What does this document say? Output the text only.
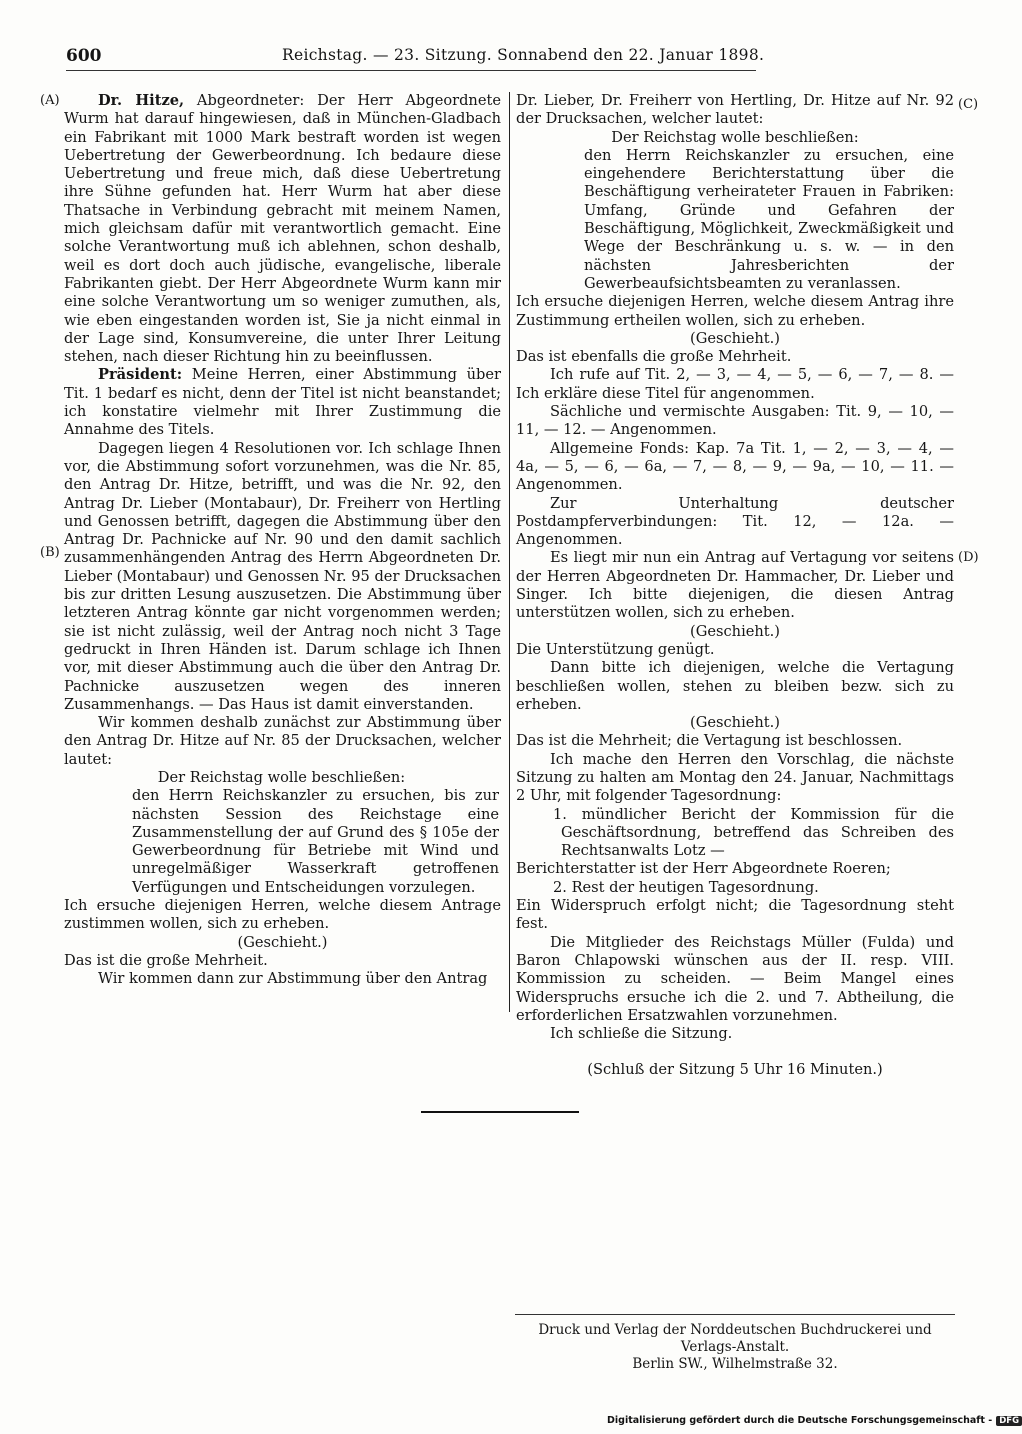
600	Reichstag. — 23. Sitzung. Sonnabend den 22. Januar 1898.
(A)
(B)
(C)
(D)

Dr. Hitze, Abgeordneter: Der Herr Abgeordnete Wurm hat darauf hingewiesen, daß in München-Gladbach ein Fabrikant mit 1000 Mark bestraft worden ist wegen Uebertretung der Gewerbeordnung. Ich bedaure diese Uebertretung und freue mich, daß diese Uebertretung ihre Sühne gefunden hat. Herr Wurm hat aber diese Thatsache in Verbindung gebracht mit meinem Namen, mich gleichsam dafür mit verantwortlich gemacht. Eine solche Verantwortung muß ich ablehnen, schon deshalb, weil es dort doch auch jüdische, evangelische, liberale Fabrikanten giebt. Der Herr Abgeordnete Wurm kann mir eine solche Verantwortung um so weniger zumuthen, als, wie eben eingestanden worden ist, Sie ja nicht einmal in der Lage sind, Konsumvereine, die unter Ihrer Leitung stehen, nach dieser Richtung hin zu beeinflussen.

Präsident: Meine Herren, einer Abstimmung über Tit. 1 bedarf es nicht, denn der Titel ist nicht beanstandet; ich konstatire vielmehr mit Ihrer Zustimmung die Annahme des Titels.

Dagegen liegen 4 Resolutionen vor. Ich schlage Ihnen vor, die Abstimmung sofort vorzunehmen, was die Nr. 85, den Antrag Dr. Hitze, betrifft, und was die Nr. 92, den Antrag Dr. Lieber (Montabaur), Dr. Freiherr von Hertling und Genossen betrifft, dagegen die Abstimmung über den Antrag Dr. Pachnicke auf Nr. 90 und den damit sachlich zusammenhängenden Antrag des Herrn Abgeordneten Dr. Lieber (Montabaur) und Genossen Nr. 95 der Drucksachen bis zur dritten Lesung auszusetzen. Die Abstimmung über letzteren Antrag könnte gar nicht vorgenommen werden; sie ist nicht zulässig, weil der Antrag noch nicht 3 Tage gedruckt in Ihren Händen ist. Darum schlage ich Ihnen vor, mit dieser Abstimmung auch die über den Antrag Dr. Pachnicke auszusetzen wegen des inneren Zusammenhangs. — Das Haus ist damit einverstanden.

Wir kommen deshalb zunächst zur Abstimmung über den Antrag Dr. Hitze auf Nr. 85 der Drucksachen, welcher lautet:

Der Reichstag wolle beschließen:

den Herrn Reichskanzler zu ersuchen, bis zur nächsten Session des Reichstage eine Zusammenstellung der auf Grund des § 105e der Gewerbeordnung für Betriebe mit Wind und unregelmäßiger Wasserkraft getroffenen Verfügungen und Entscheidungen vorzulegen.

Ich ersuche diejenigen Herren, welche diesem Antrage zustimmen wollen, sich zu erheben.

(Geschieht.)

Das ist die große Mehrheit.

Wir kommen dann zur Abstimmung über den Antrag

Dr. Lieber, Dr. Freiherr von Hertling, Dr. Hitze auf Nr. 92 der Drucksachen, welcher lautet:

Der Reichstag wolle beschließen:

den Herrn Reichskanzler zu ersuchen, eine eingehendere Berichterstattung über die Beschäftigung verheirateter Frauen in Fabriken: Umfang, Gründe und Gefahren der Beschäftigung, Möglichkeit, Zweckmäßigkeit und Wege der Beschränkung u. s. w. — in den nächsten Jahresberichten der Gewerbeaufsichtsbeamten zu veranlassen.

Ich ersuche diejenigen Herren, welche diesem Antrag ihre Zustimmung ertheilen wollen, sich zu erheben.

(Geschieht.)

Das ist ebenfalls die große Mehrheit.

Ich rufe auf Tit. 2, — 3, — 4, — 5, — 6, — 7, — 8. — Ich erkläre diese Titel für angenommen.

Sächliche und vermischte Ausgaben: Tit. 9, — 10, — 11, — 12. — Angenommen.

Allgemeine Fonds: Kap. 7a Tit. 1, — 2, — 3, — 4, — 4a, — 5, — 6, — 6a, — 7, — 8, — 9, — 9a, — 10, — 11. — Angenommen.

Zur Unterhaltung deutscher Postdampferverbindungen: Tit. 12, — 12a. — Angenommen.

Es liegt mir nun ein Antrag auf Vertagung vor seitens der Herren Abgeordneten Dr. Hammacher, Dr. Lieber und Singer. Ich bitte diejenigen, die diesen Antrag unterstützen wollen, sich zu erheben.

(Geschieht.)

Die Unterstützung genügt.

Dann bitte ich diejenigen, welche die Vertagung beschließen wollen, stehen zu bleiben bezw. sich zu erheben.

(Geschieht.)

Das ist die Mehrheit; die Vertagung ist beschlossen.

Ich mache den Herren den Vorschlag, die nächste Sitzung zu halten am Montag den 24. Januar, Nachmittags 2 Uhr, mit folgender Tagesordnung:

1. mündlicher Bericht der Kommission für die Geschäftsordnung, betreffend das Schreiben des Rechtsanwalts Lotz —

Berichterstatter ist der Herr Abgeordnete Roeren;

2. Rest der heutigen Tagesordnung.

Ein Widerspruch erfolgt nicht; die Tagesordnung steht fest.

Die Mitglieder des Reichstags Müller (Fulda) und Baron Chlapowski wünschen aus der II. resp. VIII. Kommission zu scheiden. — Beim Mangel eines Widerspruchs ersuche ich die 2. und 7. Abtheilung, die erforderlichen Ersatzwahlen vorzunehmen.

Ich schließe die Sitzung.

(Schluß der Sitzung 5 Uhr 16 Minuten.)

Druck und Verlag der Norddeutschen Buchdruckerei und Verlags-Anstalt.

Berlin SW., Wilhelmstraße 32.

Digitalisierung gefördert durch die Deutsche Forschungsgemeinschaft - DFG
